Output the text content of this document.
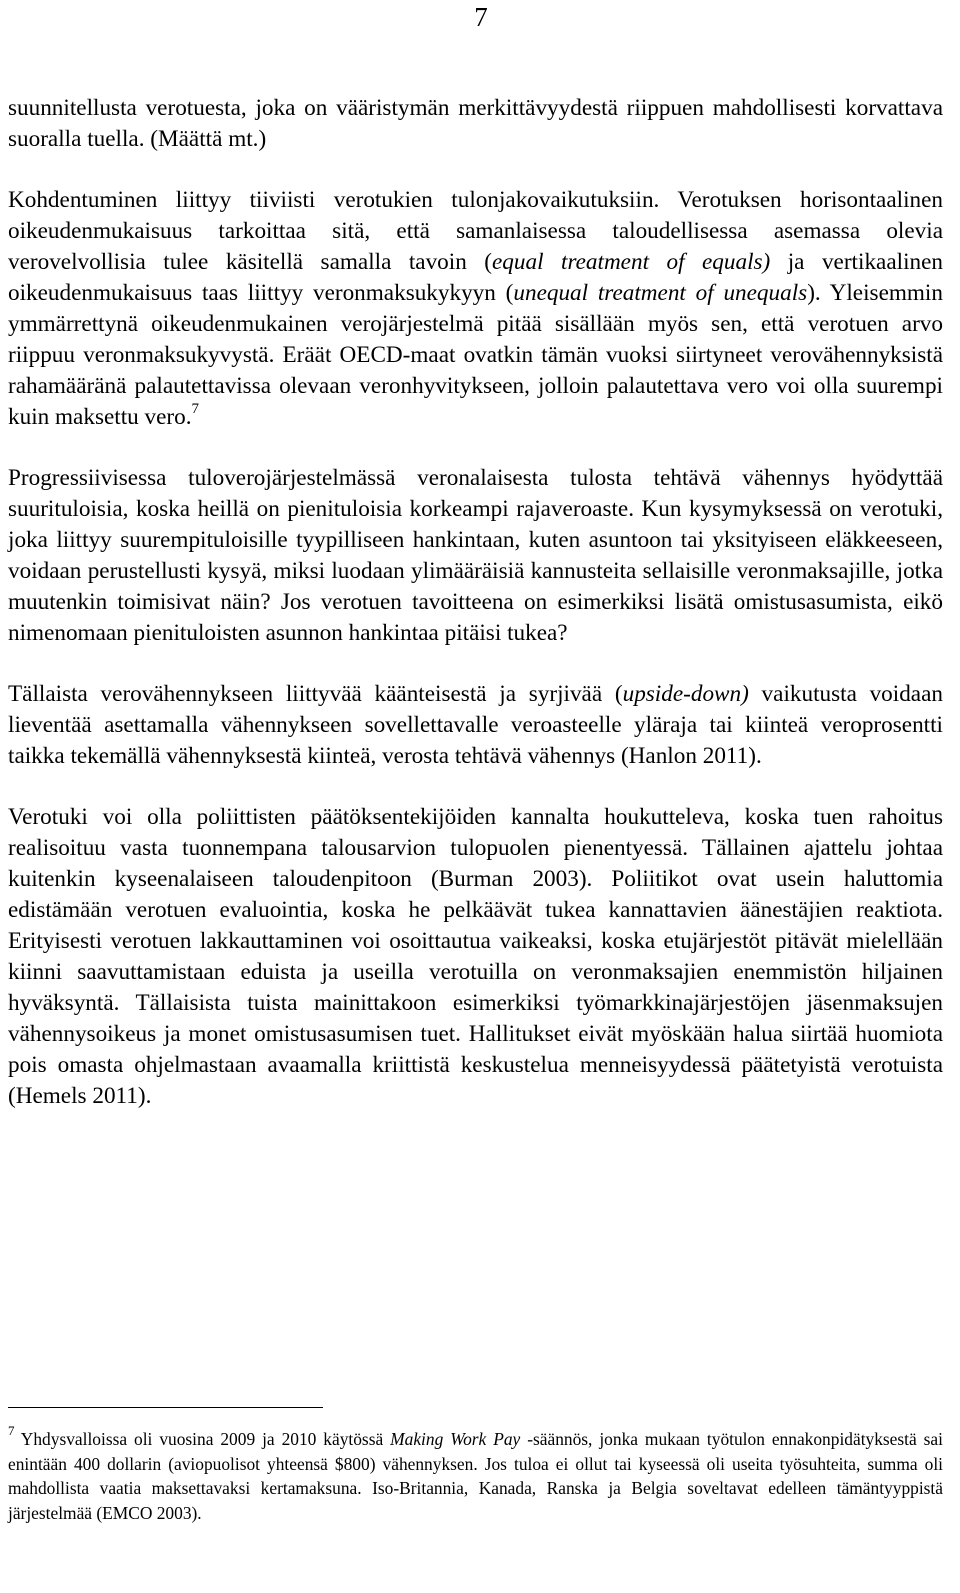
7

suunnitellusta verotuesta, joka on vääristymän merkittävyydestä riippuen mahdollisesti korvattava suoralla tuella. (Määttä mt.)

Kohdentuminen liittyy tiiviisti verotukien tulonjakovaikutuksiin. Verotuksen horisontaalinen oikeudenmukaisuus tarkoittaa sitä, että samanlaisessa taloudellisessa asemassa olevia verovelvollisia tulee käsitellä samalla tavoin (equal treatment of equals) ja vertikaalinen oikeudenmukaisuus taas liittyy veronmaksukykyyn (unequal treatment of unequals). Yleisemmin ymmärrettynä oikeudenmukainen verojärjestelmä pitää sisällään myös sen, että verotuen arvo riippuu veronmaksukyvystä. Eräät OECD-maat ovatkin tämän vuoksi siirtyneet verovähennyksistä rahamääränä palautettavissa olevaan veronhyvitykseen, jolloin palautettava vero voi olla suurempi kuin maksettu vero.$^7$

Progressiivisessa tuloverojärjestelmässä veronalaisesta tulosta tehtävä vähennys hyödyttää suurituloisia, koska heillä on pienituloisia korkeampi rajaveroaste. Kun kysymyksessä on verotuki, joka liittyy suurempituloisille tyypilliseen hankintaan, kuten asuntoon tai yksityiseen eläkkeeseen, voidaan perustellusti kysyä, miksi luodaan ylimääräisiä kannusteita sellaisille veronmaksajille, jotka muutenkin toimisivat näin? Jos verotuen tavoitteena on esimerkiksi lisätä omistusasumista, eikö nimenomaan pienituloisten asunnon hankintaa pitäisi tukea?

Tällaista verovähennykseen liittyvää käänteisestä ja syrjivää (upside-down) vaikutusta voidaan lieventää asettamalla vähennykseen sovellettavalle veroasteelle yläraja tai kiinteä veroprosentti taikka tekemällä vähennyksestä kiinteä, verosta tehtävä vähennys (Hanlon 2011).

Verotuki voi olla poliittisten päätöksentekijöiden kannalta houkutteleva, koska tuen rahoitus realisoituu vasta tuonnempana talousarvion tulopuolen pienentyessä. Tällainen ajattelu johtaa kuitenkin kyseenalaiseen taloudenpitoon (Burman 2003). Poliitikot ovat usein haluttomia edistämään verotuen evaluointia, koska he pelkäävät tukea kannattavien äänestäjien reaktiota. Erityisesti verotuen lakkauttaminen voi osoittautua vaikeaksi, koska etujärjestöt pitävät mielellään kiinni saavuttamistaan eduista ja useilla verotuilla on veronmaksajien enemmistön hiljainen hyväksyntä. Tällaisista tuista mainittakoon esimerkiksi työmarkkinajärjestöjen jäsenmaksujen vähennysoikeus ja monet omistusasumisen tuet. Hallitukset eivät myöskään halua siirtää huomiota pois omasta ohjelmastaan avaamalla kriittistä keskustelua menneisyydessä päätetyistä verotuista (Hemels 2011).

$^7$ Yhdysvalloissa oli vuosina 2009 ja 2010 käytössä Making Work Pay -säännös, jonka mukaan työtulon ennakonpidätyksestä sai enintään 400 dollarin (aviopuolisot yhteensä $800) vähennyksen. Jos tuloa ei ollut tai kyseessä oli useita työsuhteita, summa oli mahdollista vaatia maksettavaksi kertamaksuna. Iso-Britannia, Kanada, Ranska ja Belgia soveltavat edelleen tämäntyyppistä järjestelmää (EMCO 2003).
